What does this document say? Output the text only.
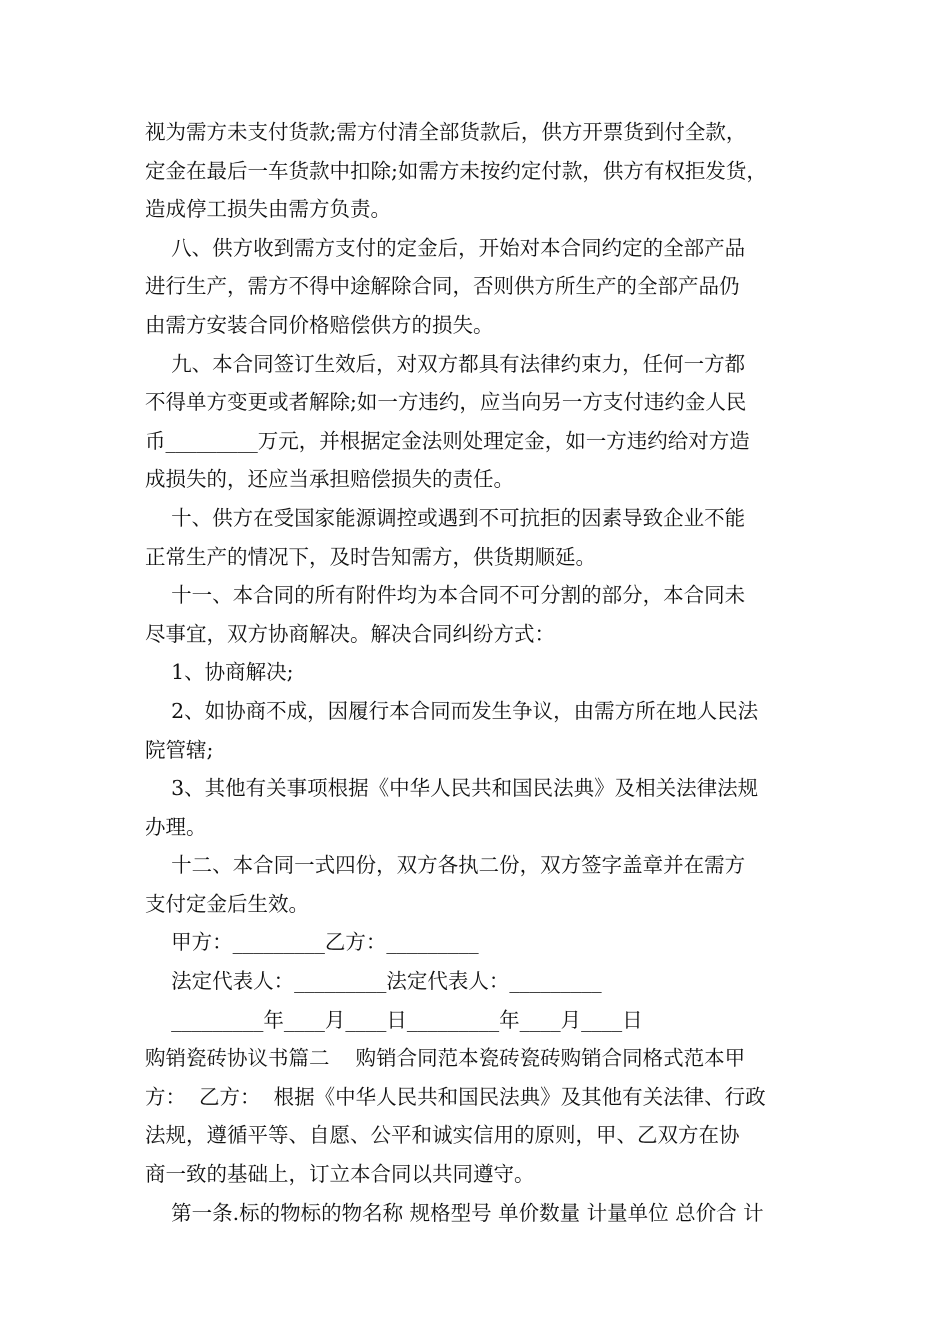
视为需方未支付货款;需方付清全部货款后，供方开票货到付全款，
定金在最后一车货款中扣除;如需方未按约定付款，供方有权拒发货，
造成停工损失由需方负责。
八、供方收到需方支付的定金后，开始对本合同约定的全部产品
进行生产，需方不得中途解除合同，否则供方所生产的全部产品仍
由需方安装合同价格赔偿供方的损失。
九、本合同签订生效后，对双方都具有法律约束力，任何一方都
不得单方变更或者解除;如一方违约，应当向另一方支付违约金人民
币_________万元，并根据定金法则处理定金，如一方违约给对方造
成损失的，还应当承担赔偿损失的责任。
十、供方在受国家能源调控或遇到不可抗拒的因素导致企业不能
正常生产的情况下，及时告知需方，供货期顺延。
十一、本合同的所有附件均为本合同不可分割的部分，本合同未
尽事宜，双方协商解决。解决合同纠纷方式：
1、协商解决;
2、如协商不成，因履行本合同而发生争议，由需方所在地人民法
院管辖;
3、其他有关事项根据《中华人民共和国民法典》及相关法律法规
办理。
十二、本合同一式四份，双方各执二份，双方签字盖章并在需方
支付定金后生效。
甲方：_________乙方：_________
法定代表人：_________法定代表人：_________
_________年____月____日_________年____月____日
购销瓷砖协议书篇二    购销合同范本瓷砖瓷砖购销合同格式范本甲
方：  乙方：  根据《中华人民共和国民法典》及其他有关法律、行政
法规，遵循平等、自愿、公平和诚实信用的原则，甲、乙双方在协
商一致的基础上，订立本合同以共同遵守。
第一条.标的物标的物名称 规格型号 单价数量 计量单位 总价合 计
